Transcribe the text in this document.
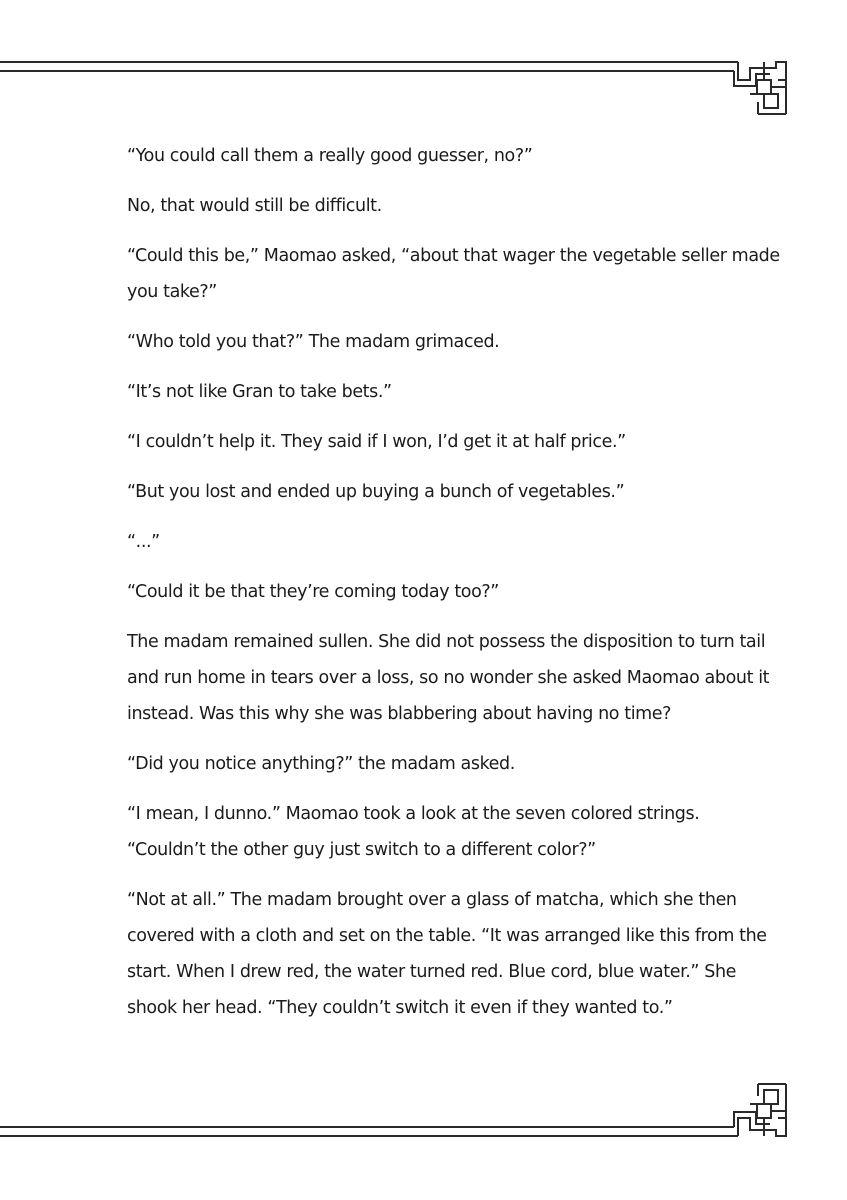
“You could call them a really good guesser, no?”

No, that would still be difficult.

“Could this be,” Maomao asked, “about that wager the vegetable seller made you take?”

“Who told you that?” The madam grimaced.

“It’s not like Gran to take bets.”

“I couldn’t help it. They said if I won, I’d get it at half price.”

“But you lost and ended up buying a bunch of vegetables.”

“...”

“Could it be that they’re coming today too?”

The madam remained sullen. She did not possess the disposition to turn tail and run home in tears over a loss, so no wonder she asked Maomao about it instead. Was this why she was blabbering about having no time?

“Did you notice anything?” the madam asked.

“I mean, I dunno.” Maomao took a look at the seven colored strings. “Couldn’t the other guy just switch to a different color?”

“Not at all.” The madam brought over a glass of matcha, which she then covered with a cloth and set on the table. “It was arranged like this from the start. When I drew red, the water turned red. Blue cord, blue water.” She shook her head. “They couldn’t switch it even if they wanted to.”
